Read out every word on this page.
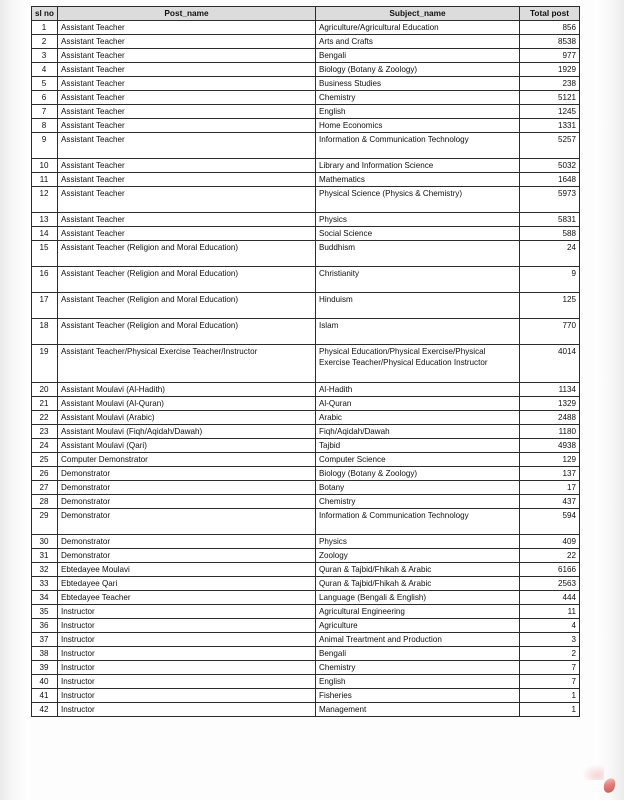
sl no	Post_name	Subject_name	Total post
1	Assistant Teacher	Agriculture/Agricultural Education	856
2	Assistant Teacher	Arts and Crafts	8538
3	Assistant Teacher	Bengali	977
4	Assistant Teacher	Biology (Botany & Zoology)	1929
5	Assistant Teacher	Business Studies	238
6	Assistant Teacher	Chemistry	5121
7	Assistant Teacher	English	1245
8	Assistant Teacher	Home Economics	1331
9	Assistant Teacher	Information & Communication Technology	5257
10	Assistant Teacher	Library and Information Science	5032
11	Assistant Teacher	Mathematics	1648
12	Assistant Teacher	Physical Science (Physics & Chemistry)	5973
13	Assistant Teacher	Physics	5831
14	Assistant Teacher	Social Science	588
15	Assistant Teacher (Religion and Moral Education)	Buddhism	24
16	Assistant Teacher (Religion and Moral Education)	Christianity	9
17	Assistant Teacher (Religion and Moral Education)	Hinduism	125
18	Assistant Teacher (Religion and Moral Education)	Islam	770
19	Assistant Teacher/Physical Exercise Teacher/Instructor	Physical Education/Physical Exercise/Physical Exercise Teacher/Physical Education Instructor	4014
20	Assistant Moulavi (Al-Hadith)	Al-Hadith	1134
21	Assistant Moulavi (Al-Quran)	Al-Quran	1329
22	Assistant Moulavi (Arabic)	Arabic	2488
23	Assistant Moulavi (Fiqh/Aqidah/Dawah)	Fiqh/Aqidah/Dawah	1180
24	Assistant Moulavi (Qari)	Tajbid	4938
25	Computer Demonstrator	Computer Science	129
26	Demonstrator	Biology (Botany & Zoology)	137
27	Demonstrator	Botany	17
28	Demonstrator	Chemistry	437
29	Demonstrator	Information & Communication Technology	594
30	Demonstrator	Physics	409
31	Demonstrator	Zoology	22
32	Ebtedayee Moulavi	Quran & Tajbid/Fhikah & Arabic	6166
33	Ebtedayee Qari	Quran & Tajbid/Fhikah & Arabic	2563
34	Ebtedayee Teacher	Language (Bengali & English)	444
35	Instructor	Agricultural Engineering	11
36	Instructor	Agriculture	4
37	Instructor	Animal Treartment and Production	3
38	Instructor	Bengali	2
39	Instructor	Chemistry	7
40	Instructor	English	7
41	Instructor	Fisheries	1
42	Instructor	Management	1
